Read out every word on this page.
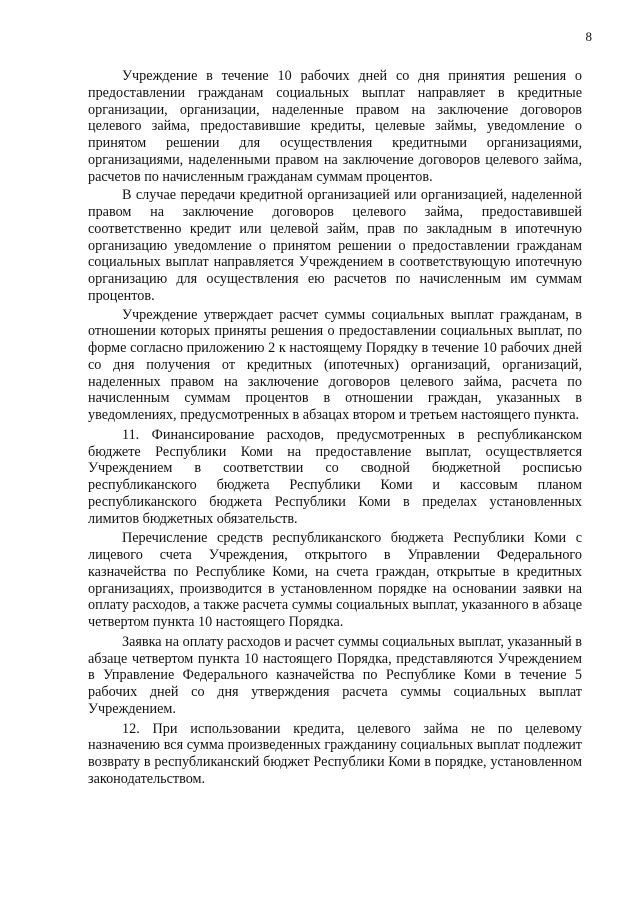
8

Учреждение в течение 10 рабочих дней со дня принятия решения о предоставлении гражданам социальных выплат направляет в кредитные организации, организации, наделенные правом на заключение договоров целевого займа, предоставившие кредиты, целевые займы, уведомление о принятом решении для осуществления кредитными организациями, организациями, наделенными правом на заключение договоров целевого займа, расчетов по начисленным гражданам суммам процентов.

В случае передачи кредитной организацией или организацией, наделенной правом на заключение договоров целевого займа, предоставившей соответственно кредит или целевой займ, прав по закладным в ипотечную организацию уведомление о принятом решении о предоставлении гражданам социальных выплат направляется Учреждением в соответствующую ипотечную организацию для осуществления ею расчетов по начисленным им суммам процентов.

Учреждение утверждает расчет суммы социальных выплат гражданам, в отношении которых приняты решения о предоставлении социальных выплат, по форме согласно приложению 2 к настоящему Порядку в течение 10 рабочих дней со дня получения от кредитных (ипотечных) организаций, организаций, наделенных правом на заключение договоров целевого займа, расчета по начисленным суммам процентов в отношении граждан, указанных в уведомлениях, предусмотренных в абзацах втором и третьем настоящего пункта.

11. Финансирование расходов, предусмотренных в республиканском бюджете Республики Коми на предоставление выплат, осуществляется Учреждением в соответствии со сводной бюджетной росписью республиканского бюджета Республики Коми и кассовым планом республиканского бюджета Республики Коми в пределах установленных лимитов бюджетных обязательств.

Перечисление средств республиканского бюджета Республики Коми с лицевого счета Учреждения, открытого в Управлении Федерального казначейства по Республике Коми, на счета граждан, открытые в кредитных организациях, производится в установленном порядке на основании заявки на оплату расходов, а также расчета суммы социальных выплат, указанного в абзаце четвертом пункта 10 настоящего Порядка.

Заявка на оплату расходов и расчет суммы социальных выплат, указанный в абзаце четвертом пункта 10 настоящего Порядка, представляются Учреждением в Управление Федерального казначейства по Республике Коми в течение 5 рабочих дней со дня утверждения расчета суммы социальных выплат Учреждением.

12. При использовании кредита, целевого займа не по целевому назначению вся сумма произведенных гражданину социальных выплат подлежит возврату в республиканский бюджет Республики Коми в порядке, установленном законодательством.
